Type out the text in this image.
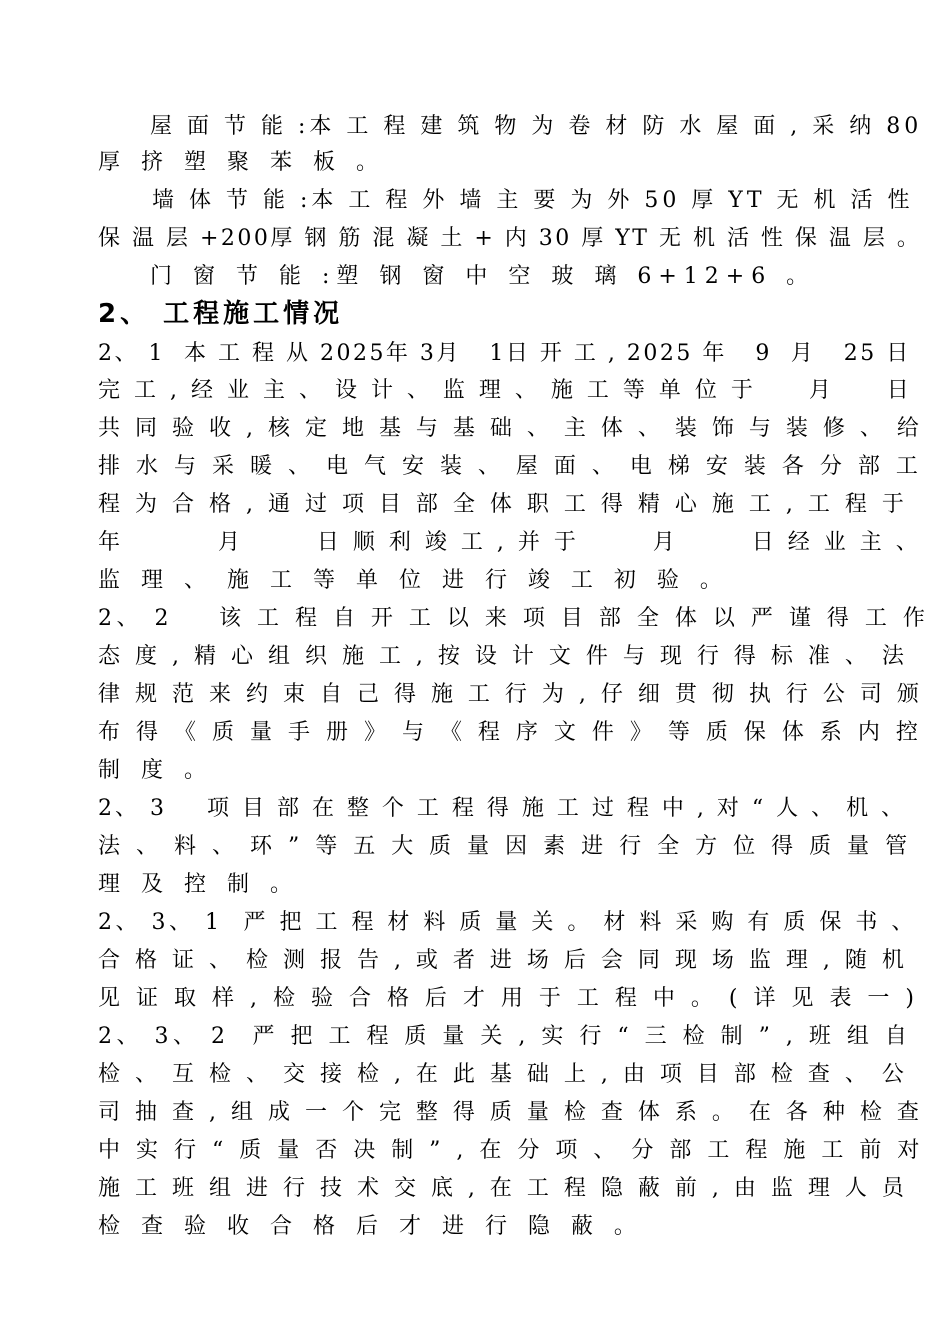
屋 面 节 能 :本 工 程 建 筑 物 为 卷 材 防 水 屋 面 , 采 纳 80
厚 挤 塑 聚 苯 板 。
墙 体 节 能 :本 工 程 外 墙 主 要 为 外 50 厚 YT 无 机 活 性
保 温 层 +200厚 钢 筋 混 凝 土 + 内 30 厚 YT 无 机 活 性 保 温 层 。
门 窗 节 能 :塑 钢 窗 中 空 玻 璃 6+12+6 。
2、 工程施工情况
2、 1  本 工 程 从 2025年 3月   1日 开 工 , 2025 年   9  月   25 日
完 工 , 经 业 主 、 设 计 、 监 理 、 施 工 等 单 位 于     月     日
共 同 验 收 , 核 定 地 基 与 基 础 、 主 体 、 装 饰 与 装 修 、 给
排 水 与 采 暖 、 电 气 安 装 、 屋 面 、 电 梯 安 装 各 分 部 工
程 为 合 格 , 通 过 项 目 部 全 体 职 工 得 精 心 施 工 , 工 程 于
年         月       日 顺 利 竣 工 , 并 于       月       日 经 业 主 、
监 理 、 施 工 等 单 位 进 行 竣 工 初 验 。
2、 2    该 工 程 自 开 工 以 来 项 目 部 全 体 以 严 谨 得 工 作
态 度 , 精 心 组 织 施 工 , 按 设 计 文 件 与 现 行 得 标 准 、 法
律 规 范 来 约 束 自 己 得 施 工 行 为 , 仔 细 贯 彻 执 行 公 司 颁
布 得 《 质 量 手 册 》 与 《 程 序 文 件 》 等 质 保 体 系 内 控
制 度 。
2、 3    项 目 部 在 整 个 工 程 得 施 工 过 程 中 , 对 “ 人 、 机 、
法 、 料 、 环 ” 等 五 大 质 量 因 素 进 行 全 方 位 得 质 量 管
理 及 控 制 。
2、 3、 1  严 把 工 程 材 料 质 量 关 。 材 料 采 购 有 质 保 书 、
合 格 证 、 检 测 报 告 , 或 者 进 场 后 会 同 现 场 监 理 , 随 机
见 证 取 样 , 检 验 合 格 后 才 用 于 工 程 中 。 ( 详 见 表 一 )
2、 3、 2  严 把 工 程 质 量 关 , 实 行 “ 三 检 制 ” , 班 组 自
检 、 互 检 、 交 接 检 , 在 此 基 础 上 , 由 项 目 部 检 查 、 公
司 抽 查 , 组 成 一 个 完 整 得 质 量 检 查 体 系 。 在 各 种 检 查
中 实 行 “ 质 量 否 决 制 ” , 在 分 项 、 分 部 工 程 施 工 前 对
施 工 班 组 进 行 技 术 交 底 , 在 工 程 隐 蔽 前 , 由 监 理 人 员
检 查 验 收 合 格 后 才 进 行 隐 蔽 。
